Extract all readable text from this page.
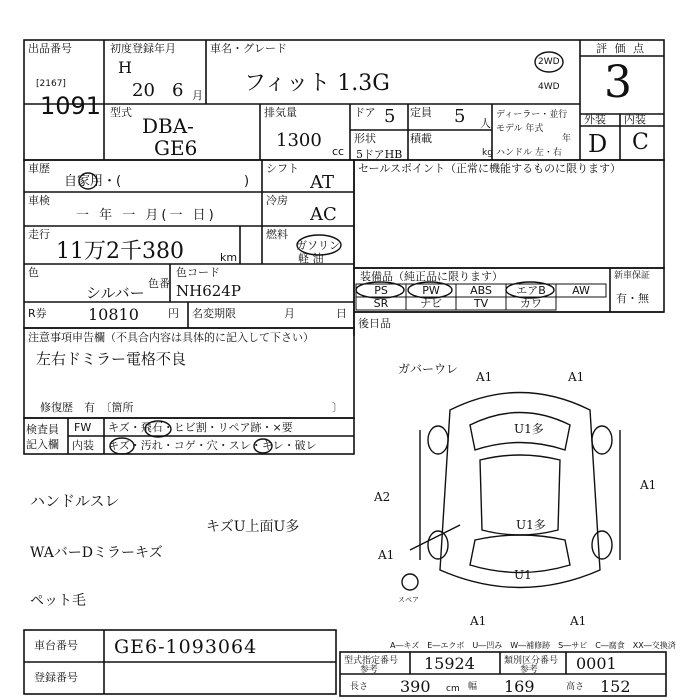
出品番号
[2167]
1091
初度登録年月
H
20 6 月
車名・グレード
フィット 1.3G
2WD
4WD
評 価 点
3
型式
DBA-
GE6
排気量
1300
cc
ドア 5 定員 5 人
形状
5ドアHB
積載
kg
ディーラー・並行
モデル 年式
年
ハンドル 左・右
外装 内装
D C
車歴
自家用・(	)
車検
一 年 一 月(一 日)
走行
11万2千380	km
シフト
AT
冷房
AC
燃料
ガソリン
軽 油
色
シルバー
色番
色コード
NH624P
R券	10810	円 名変期限	月	日
セールスポイント（正常に機能するものに限ります）
装備品（純正品に限ります）	新車保証
有・無
PS	PW	ABS	エアB	AW
SR	ナビ	TV	カワ
後日品
注意事項申告欄（不具合内容は具体的に記入して下さい）
左右ドミラー電格不良
修復歴　有　〔箇所	〕
検査員 記入欄
FW キズ・飛石・ヒビ割・リペア跡・×要
内装 キズ・汚れ・コゲ・穴・スレ・キレ・破レ
ハンドルスレ
キズU上面U多
WAバーDミラーキズ
ペット毛
ガバーウレ
A1	A1
U1多
A1
A2
U1多
A1
U1
A1	A1
スペア
A―キズ　E―エクボ　U―凹み　W―補修跡　S―サビ　C―腐食　XX―交換済
車台番号 GE6-1093064
登録番号
型式指定番号
参考	15924	類別区分番号
参考 0001
長さ 390 cm 幅 169	高さ 152
